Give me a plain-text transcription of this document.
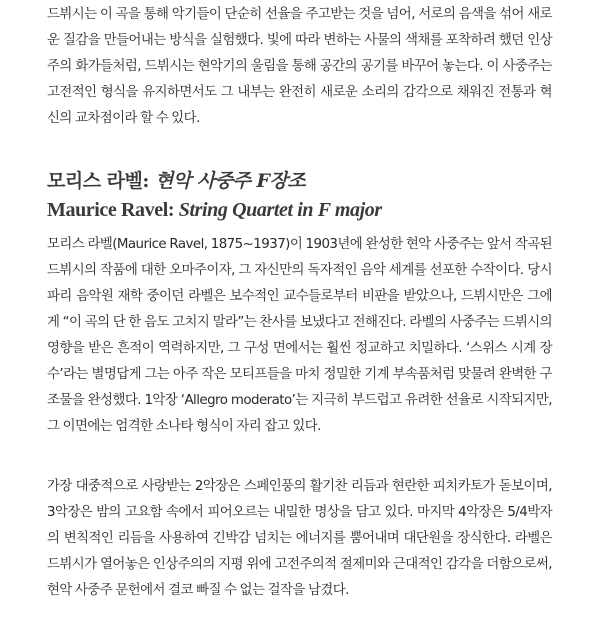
드뷔시는 이 곡을 통해 악기들이 단순히 선율을 주고받는 것을 넘어, 서로의 음색을 섞어 새로운 질감을 만들어내는 방식을 실험했다. 빛에 따라 변하는 사물의 색채를 포착하려 했던 인상주의 화가들처럼, 드뷔시는 현악기의 울림을 통해 공간의 공기를 바꾸어 놓는다. 이 사중주는 고전적인 형식을 유지하면서도 그 내부는 완전히 새로운 소리의 감각으로 채워진 전통과 혁신의 교차점이라 할 수 있다.

모리스 라벨: 현악 사중주 F장조
Maurice Ravel: String Quartet in F major

모리스 라벨(Maurice Ravel, 1875~1937)이 1903년에 완성한 현악 사중주는 앞서 작곡된 드뷔시의 작품에 대한 오마주이자, 그 자신만의 독자적인 음악 세계를 선포한 수작이다. 당시 파리 음악원 재학 중이던 라벨은 보수적인 교수들로부터 비판을 받았으나, 드뷔시만은 그에게 “이 곡의 단 한 음도 고치지 말라”는 찬사를 보냈다고 전해진다. 라벨의 사중주는 드뷔시의 영향을 받은 흔적이 역력하지만, 그 구성 면에서는 훨씬 정교하고 치밀하다. ‘스위스 시계 장수’라는 별명답게 그는 아주 작은 모티프들을 마치 정밀한 기계 부속품처럼 맞물려 완벽한 구조물을 완성했다. 1악장 ‘Allegro moderato’는 지극히 부드럽고 유려한 선율로 시작되지만, 그 이면에는 엄격한 소나타 형식이 자리 잡고 있다.

가장 대중적으로 사랑받는 2악장은 스페인풍의 활기찬 리듬과 현란한 피치카토가 돋보이며, 3악장은 밤의 고요함 속에서 피어오르는 내밀한 명상을 담고 있다. 마지막 4악장은 5/4박자의 변칙적인 리듬을 사용하여 긴박감 넘치는 에너지를 뿜어내며 대단원을 장식한다. 라벨은 드뷔시가 열어놓은 인상주의의 지평 위에 고전주의적 절제미와 근대적인 감각을 더함으로써, 현악 사중주 문헌에서 결코 빠질 수 없는 걸작을 남겼다.
